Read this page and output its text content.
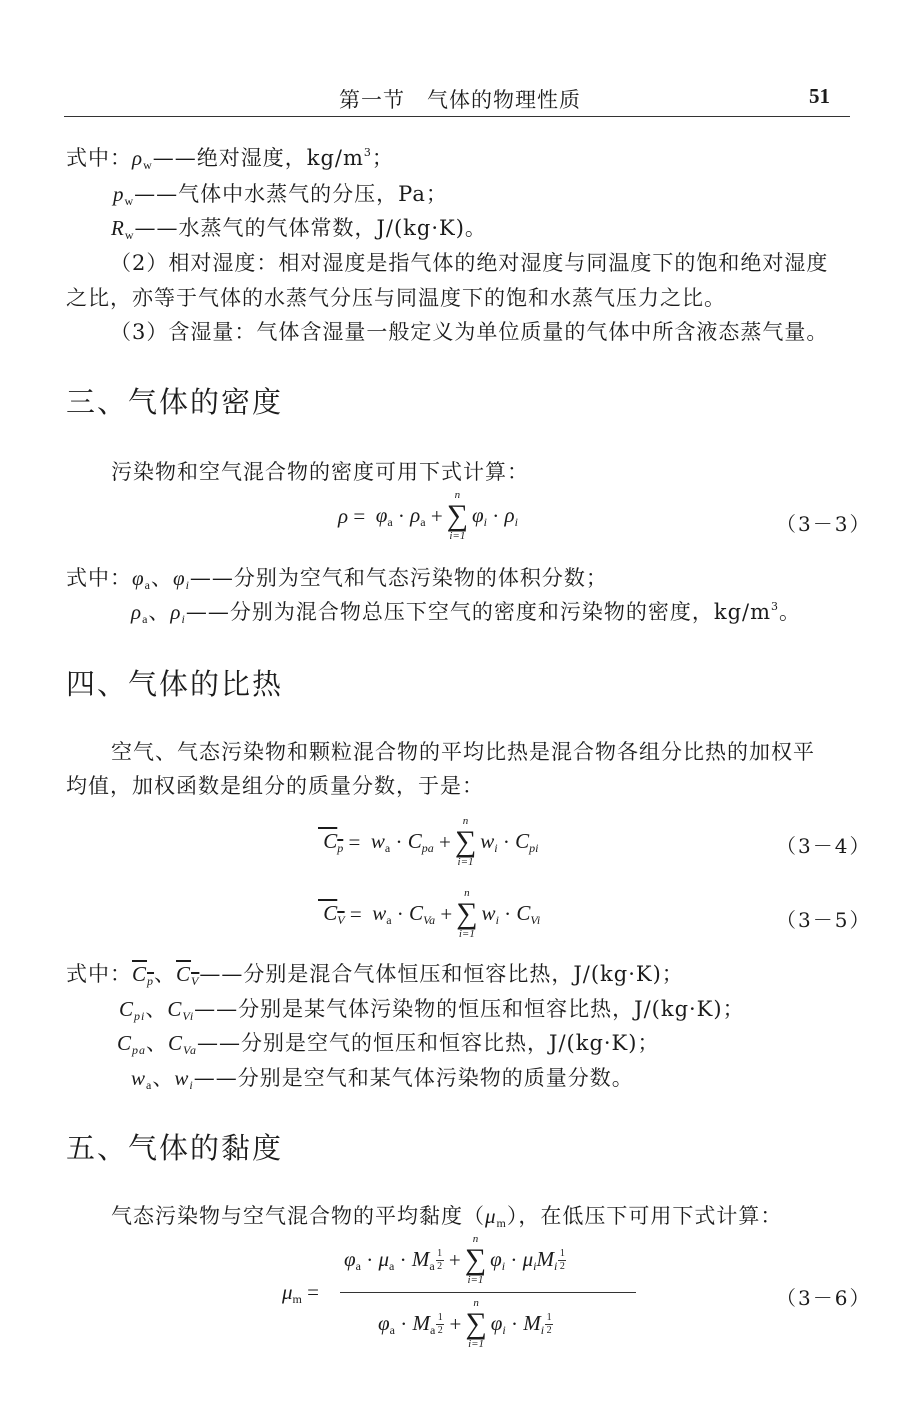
第一节　气体的物理性质	51
式中：$\rho_w——$绝对湿度，$kg/m^3$；
$p_w——$气体中水蒸气的分压，Pa；
$R_w——$水蒸气的气体常数，J/(kg·K)。
（2）相对湿度：相对湿度是指气体的绝对湿度与同温度下的饱和绝对湿度
之比，亦等于气体的水蒸气分压与同温度下的饱和水蒸气压力之比。
（3）含湿量：气体含湿量一般定义为单位质量的气体中所含液态蒸气量。
三、气体的密度
污染物和空气混合物的密度可用下式计算：
$\rho = \varphi_a \cdot \rho_a$ +
n
∑
i=1
φi · ρi	（3－3）
式中：$\varphi_a$、φi——分别为空气和气态污染物的体积分数；
$\rho_a$、ρi——分别为混合物总压下空气的密度和污染物的密度，$kg/m^3$。
四、气体的比热
空气、气态污染物和颗粒混合物的平均比热是混合物各组分比热的加权平
均值，加权函数是组分的质量分数，于是：
$Cp = w_a$ · Cpa +
n
∑
i=1
wi · Cpi	（3－4）
CV = $w_a$ · CVa +
n
∑
i=1
wi · CVi	（3－5）
式中：Cp、CV——分别是混合气体恒压和恒容比热，J/(kg·K)；
Cpi、CVi——分别是某气体污染物的恒压和恒容比热，J/(kg·K)；
Cpa、CVa——分别是空气的恒压和恒容比热，J/(kg·K)；
$w_a$、wi——分别是空气和某气体污染物的质量分数。
五、气体的黏度
气态污染物与空气混合物的平均黏度$(\mu_m)$，在低压下可用下式计算：
$\mu_m$ =
$\varphi_a \cdot \mu_a \cdot M_a$
1
2 +
n
∑
i=1
φi · μiMi
1
2
$\varphi_a \cdot M_a$
1
2 +
n
∑
i=1
φi · Mi
1
2
（3－6）
